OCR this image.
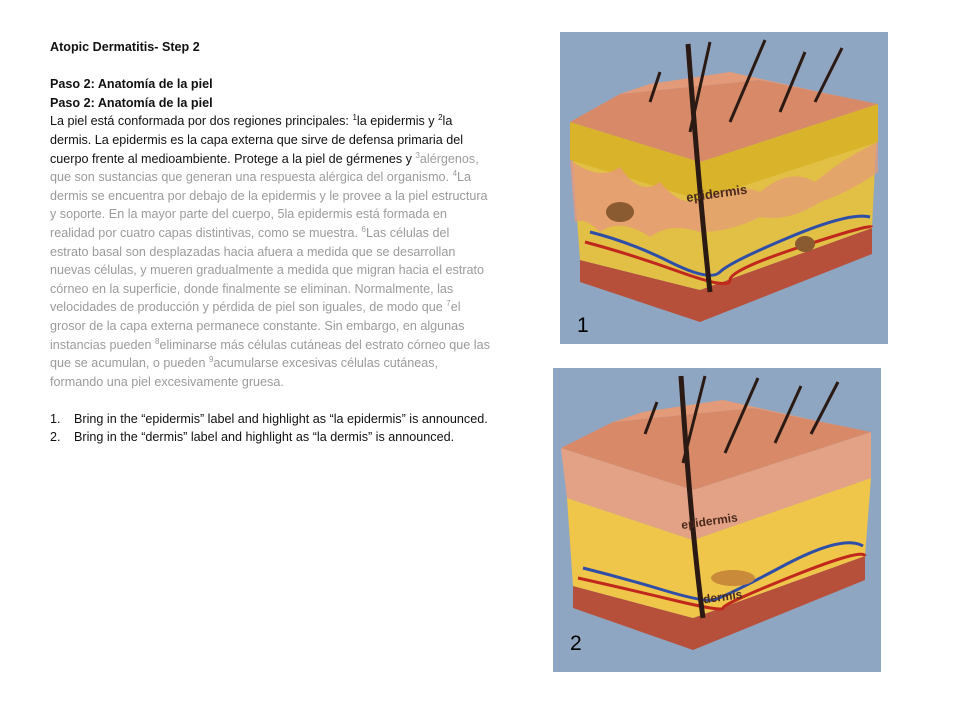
Atopic Dermatitis- Step 2

Paso 2: Anatomía de la piel

Paso 2: Anatomía de la piel

La piel está conformada por dos regiones principales: $^1$la epidermis y $^2$la dermis. La epidermis es la capa externa que sirve de defensa primaria del cuerpo frente al medioambiente. Protege a la piel de gérmenes y $^3$alérgenos, que son sustancias que generan una respuesta alérgica del organismo. $^4$La dermis se encuentra por debajo de la epidermis y le provee a la piel estructura y soporte. En la mayor parte del cuerpo, 5la epidermis está formada en realidad por cuatro capas distintivas, como se muestra. $^6$Las células del estrato basal son desplazadas hacia afuera a medida que se desarrollan nuevas células, y mueren gradualmente a medida que migran hacia el estrato córneo en la superficie, donde finalmente se eliminan. Normalmente, las velocidades de producción y pérdida de piel son iguales, de modo que $^7$el grosor de la capa externa permanece constante. Sin embargo, en algunas instancias pueden $^8$eliminarse más células cutáneas del estrato córneo que las que se acumulan, o pueden $^9$acumularse excesivas células cutáneas, formando una piel excesivamente gruesa.

1. Bring in the “epidermis” label and highlight as “la epidermis” is announced.
2. Bring in the “dermis” label and highlight as “la dermis” is announced.
epidermis
1
epidermis
dermis
2
